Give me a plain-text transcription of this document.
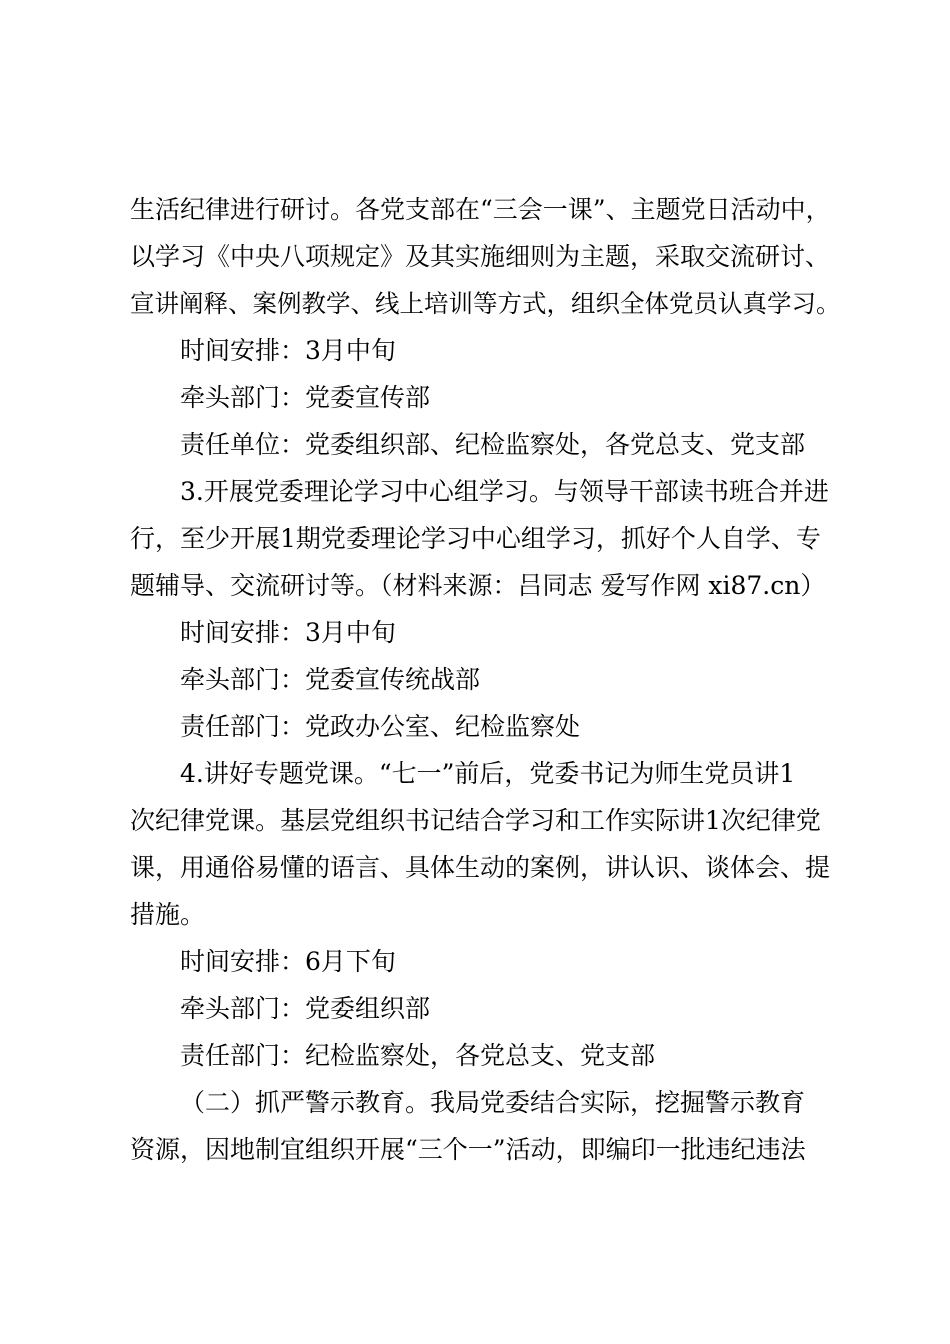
生活纪律进行研讨。各党支部在“三会一课”、主题党日活动中，
以学习《中央八项规定》及其实施细则为主题，采取交流研讨、
宣讲阐释、案例教学、线上培训等方式，组织全体党员认真学习。
时间安排：3月中旬
牵头部门：党委宣传部
责任单位：党委组织部、纪检监察处，各党总支、党支部
3.开展党委理论学习中心组学习。与领导干部读书班合并进
行，至少开展1期党委理论学习中心组学习，抓好个人自学、专
题辅导、交流研讨等。（材料来源：吕同志 爱写作网 xi87.cn）
时间安排：3月中旬
牵头部门：党委宣传统战部
责任部门：党政办公室、纪检监察处
4.讲好专题党课。“七一”前后，党委书记为师生党员讲1
次纪律党课。基层党组织书记结合学习和工作实际讲1次纪律党
课，用通俗易懂的语言、具体生动的案例，讲认识、谈体会、提
措施。
时间安排：6月下旬
牵头部门：党委组织部
责任部门：纪检监察处，各党总支、党支部
（二）抓严警示教育。我局党委结合实际，挖掘警示教育
资源，因地制宜组织开展“三个一”活动，即编印一批违纪违法
